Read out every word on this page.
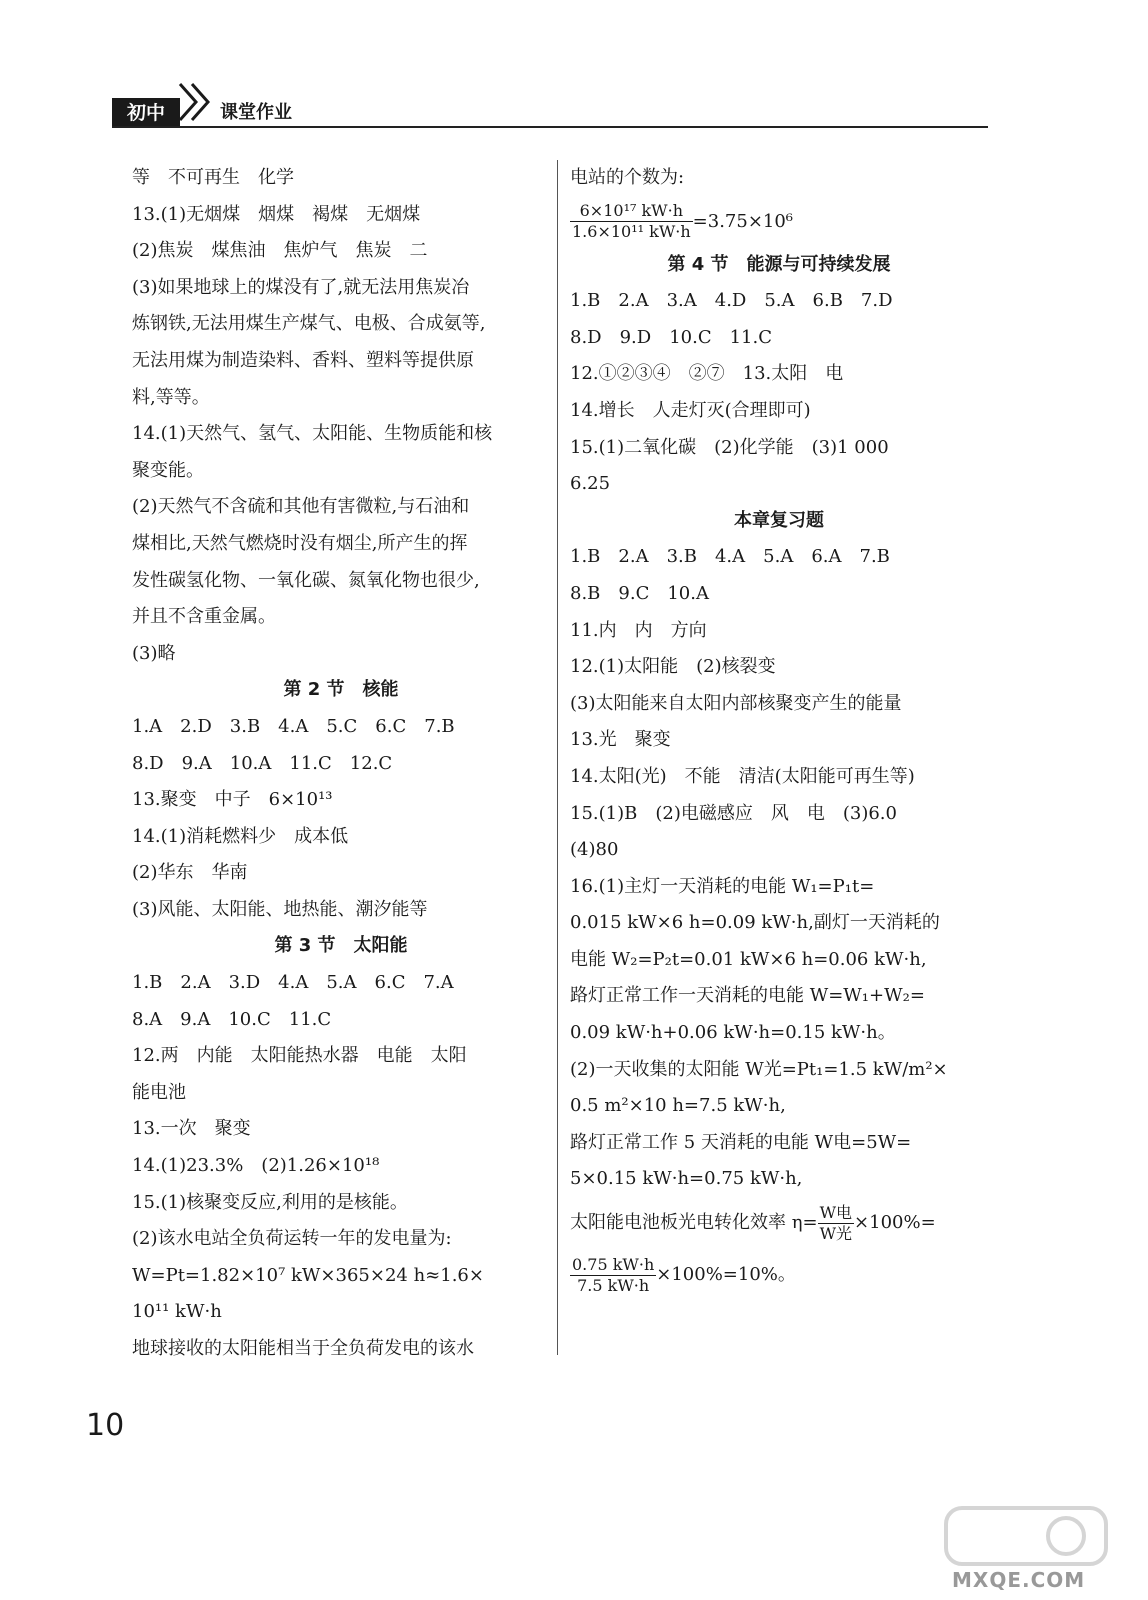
初中	课堂作业
等　不可再生　化学
13.(1)无烟煤　烟煤　褐煤　无烟煤
(2)焦炭　煤焦油　焦炉气　焦炭　二
(3)如果地球上的煤没有了,就无法用焦炭冶
炼钢铁,无法用煤生产煤气、电极、合成氨等,
无法用煤为制造染料、香料、塑料等提供原
料,等等。
14.(1)天然气、氢气、太阳能、生物质能和核
聚变能。
(2)天然气不含硫和其他有害微粒,与石油和
煤相比,天然气燃烧时没有烟尘,所产生的挥
发性碳氢化物、一氧化碳、氮氧化物也很少,
并且不含重金属。
(3)略
第 2 节　核能
1.A　2.D　3.B　4.A　5.C　6.C　7.B
8.D　9.A　10.A　11.C　12.C
13.聚变　中子　6×10¹³
14.(1)消耗燃料少　成本低
(2)华东　华南
(3)风能、太阳能、地热能、潮汐能等
第 3 节　太阳能
1.B　2.A　3.D　4.A　5.A　6.C　7.A
8.A　9.A　10.C　11.C
12.两　内能　太阳能热水器　电能　太阳
能电池
13.一次　聚变
14.(1)23.3%　(2)1.26×10¹⁸
15.(1)核聚变反应,利用的是核能。
(2)该水电站全负荷运转一年的发电量为:
W=Pt=1.82×10⁷ kW×365×24 h≈1.6×
10¹¹ kW·h
地球接收的太阳能相当于全负荷发电的该水
电站的个数为:
$\frac{\text{6×10¹⁷ kW·h}}{\text{1.6×10¹¹ kW·h}} =3.75\times 10^6$
第 4 节　能源与可持续发展
1.B　2.A　3.A　4.D　5.A　6.B　7.D
8.D　9.D　10.C　11.C
12.①②③④　②⑦　13.太阳　电
14.增长　人走灯灭(合理即可)
15.(1)二氧化碳　(2)化学能　(3)1 000
6.25
本章复习题
1.B　2.A　3.B　4.A　5.A　6.A　7.B
8.B　9.C　10.A
11.内　内　方向
12.(1)太阳能　(2)核裂变
(3)太阳能来自太阳内部核聚变产生的能量
13.光　聚变
14.太阳(光)　不能　清洁(太阳能可再生等)
15.(1)B　(2)电磁感应　风　电　(3)6.0
(4)80
16.(1)主灯一天消耗的电能 W₁=P₁t=
0.015 kW×6 h=0.09 kW·h,副灯一天消耗的
电能 W₂=P₂t=0.01 kW×6 h=0.06 kW·h,
路灯正常工作一天消耗的电能 W=W₁+W₂=
0.09 kW·h+0.06 kW·h=0.15 kW·h。
(2)一天收集的太阳能 W光=Pt₁=1.5 kW/m²×
0.5 m²×10 h=7.5 kW·h,
路灯正常工作 5 天消耗的电能 W电=5W=
5×0.15 kW·h=0.75 kW·h,
太阳能电池板光电转化效率 $\eta= \frac{\text{W电}}{\text{W光}} \times 100\%=$
$\frac{0.75 kW\cdot h}{7.5 kW\cdot h} \times 100\%=10\%$。
10
MXQE.COM
